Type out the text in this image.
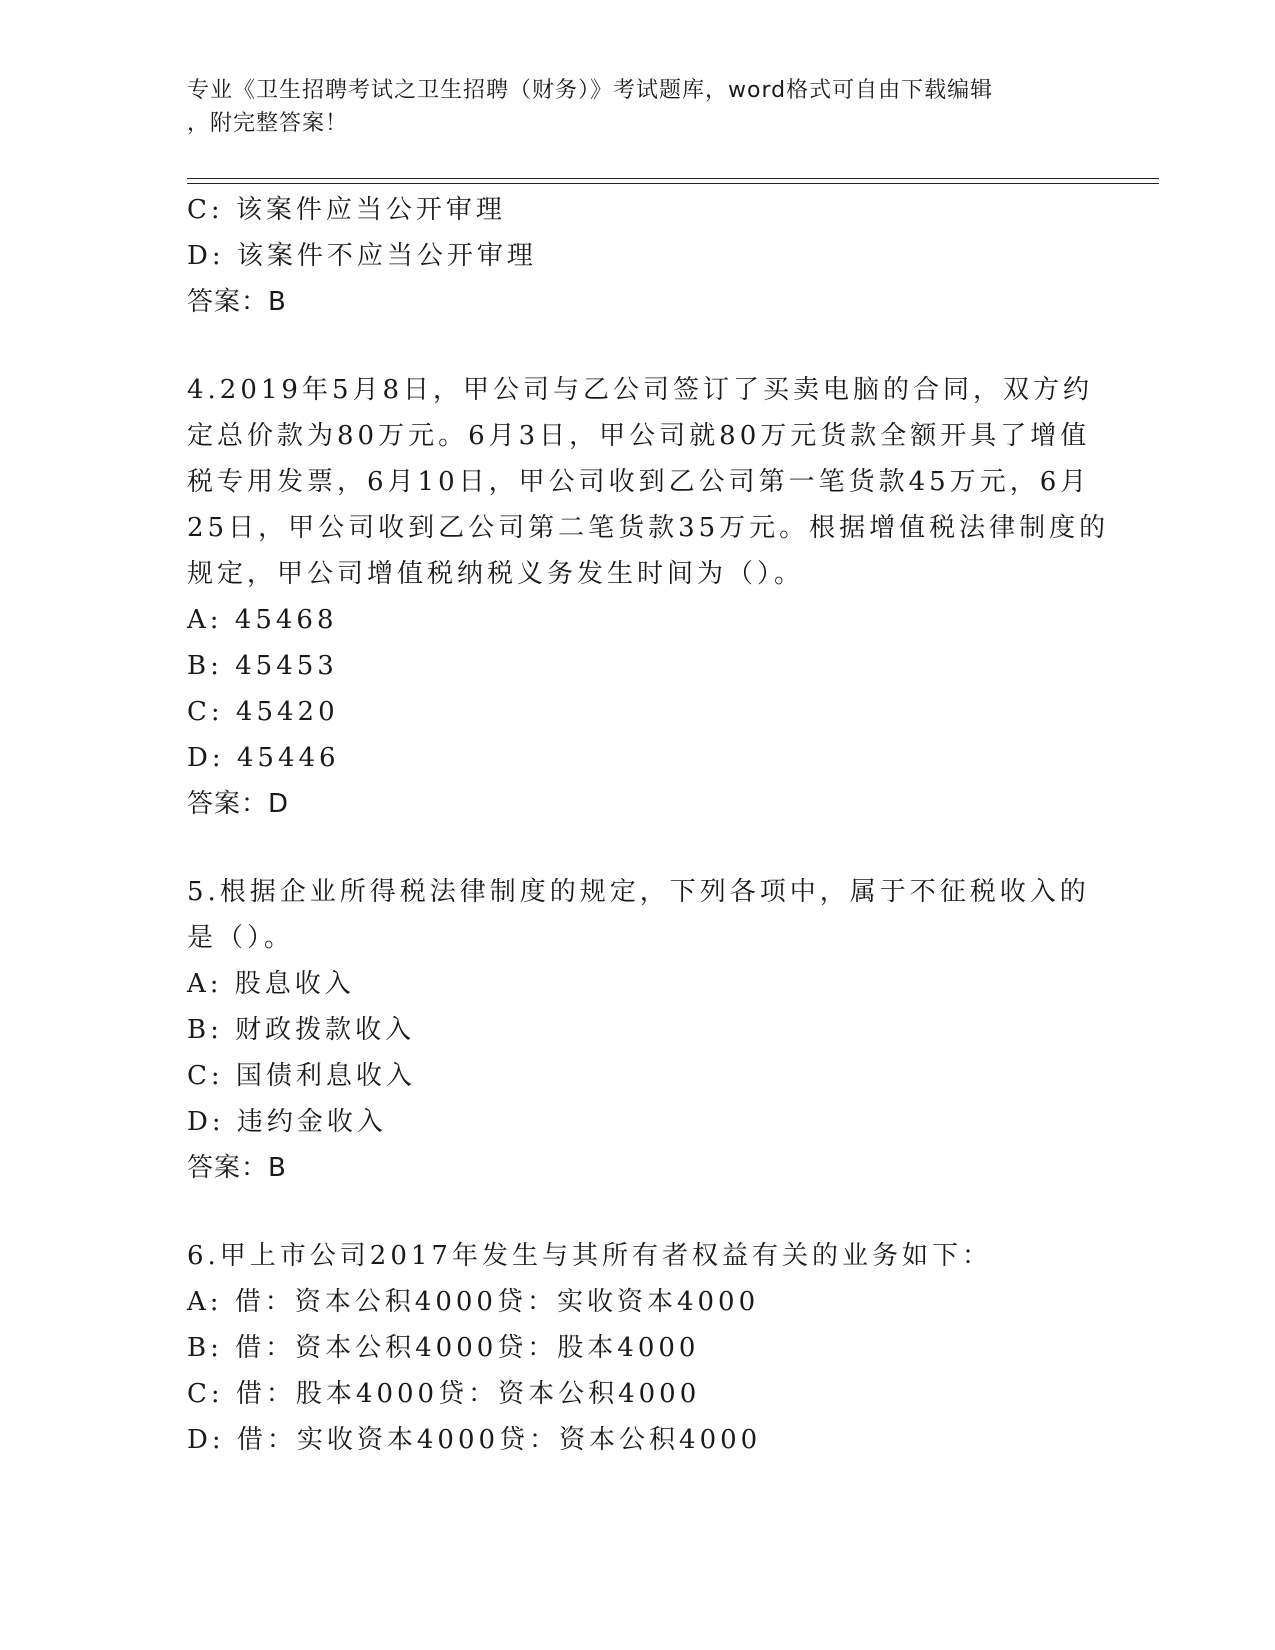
专业《卫生招聘考试之卫生招聘（财务）》考试题库，word格式可自由下载编辑
，附完整答案！
C: 该案件应当公开审理
D: 该案件不应当公开审理
答案：B
4.2019年5月8日，甲公司与乙公司签订了买卖电脑的合同，双方约
定总价款为80万元。6月3日，甲公司就80万元货款全额开具了增值
税专用发票，6月10日，甲公司收到乙公司第一笔货款45万元，6月
25日，甲公司收到乙公司第二笔货款35万元。根据增值税法律制度的
规定，甲公司增值税纳税义务发生时间为（）。
A: 45468
B: 45453
C: 45420
D: 45446
答案：D
5.根据企业所得税法律制度的规定，下列各项中，属于不征税收入的
是（）。
A: 股息收入
B: 财政拨款收入
C: 国债利息收入
D: 违约金收入
答案：B
6.甲上市公司2017年发生与其所有者权益有关的业务如下：
A: 借：资本公积4000贷：实收资本4000
B: 借：资本公积4000贷：股本4000
C: 借：股本4000贷：资本公积4000
D: 借：实收资本4000贷：资本公积4000
